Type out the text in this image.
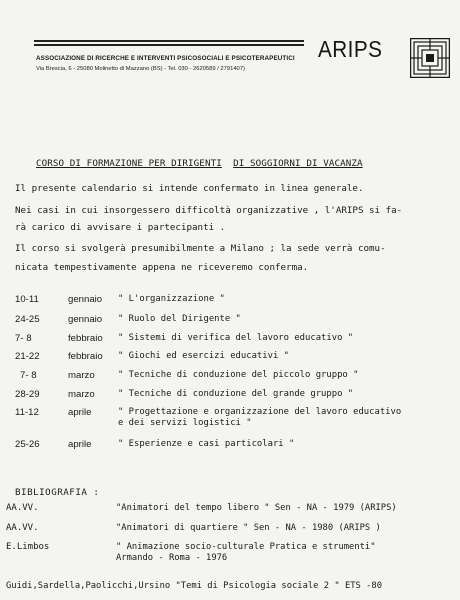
ASSOCIAZIONE DI RICERCHE E INTERVENTI PSICOSOCIALI E PSICOTERAPEUTICI
Via Brescia, 6 - 25080 Molinetto di Mazzano (BS) - Tel. 030 - 2620589 / 2791407)
ARIPS
CORSO DI FORMAZIONE PER DIRIGENTI DI SOGGIORNI DI VACANZA
Il presente calendario si intende confermato in linea generale.
Nei casi in cui insorgessero difficoltà organizzative , l'ARIPS si fa-
rà carico di avvisare i partecipanti .
Il corso si svolgerà presumibilmente a Milano ; la sede verrà comu-
nicata tempestivamente appena ne riceveremo conferma.
10-11	gennaio " L'organizzazione "
24-25	gennaio " Ruolo del Dirigente "
7- 8	febbraio " Sistemi di verifica del lavoro educativo "
21-22	febbraio " Giochi ed esercizi educativi "
7- 8	marzo	" Tecniche di conduzione del piccolo gruppo "
28-29	marzo	" Tecniche di conduzione del grande gruppo "
11-12	aprile	" Progettazione e organizzazione del lavoro educativo
e dei servizi logistici "
25-26	aprile	" Esperienze e casi particolari "
BIBLIOGRAFIA :
AA.VV.	"Animatori del tempo libero " Sen - NA - 1979 (ARIPS)
AA.VV.	"Animatori di quartiere " Sen - NA - 1980 (ARIPS )
E.Limbos	" Animazione socio-culturale Pratica e strumenti"
Armando - Roma - 1976
Guidi,Sardella,Paolicchi,Ursino "Temi di Psicologia sociale 2 " ETS -80
